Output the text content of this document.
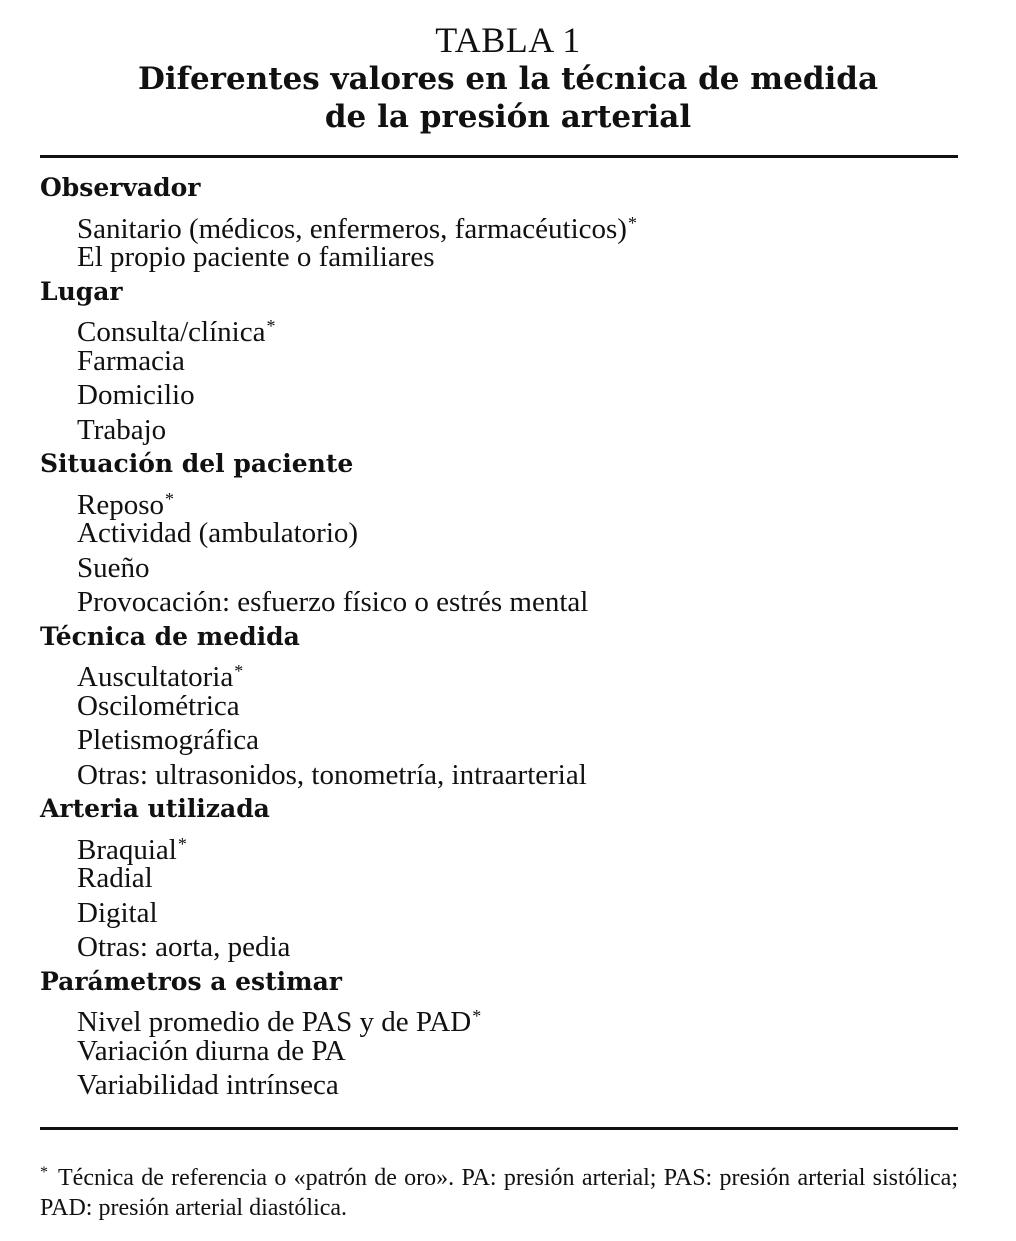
TABLA 1
Diferentes valores en la técnica de medida
de la presión arterial
Observador
Sanitario (médicos, enfermeros, farmacéuticos)*
El propio paciente o familiares
Lugar
Consulta/clínica*
Farmacia
Domicilio
Trabajo
Situación del paciente
Reposo*
Actividad (ambulatorio)
Sueño
Provocación: esfuerzo físico o estrés mental
Técnica de medida
Auscultatoria*
Oscilométrica
Pletismográfica
Otras: ultrasonidos, tonometría, intraarterial
Arteria utilizada
Braquial*
Radial
Digital
Otras: aorta, pedia
Parámetros a estimar
Nivel promedio de PAS y de PAD*
Variación diurna de PA
Variabilidad intrínseca
* Técnica de referencia o «patrón de oro». PA: presión arterial; PAS: presión arterial sistólica; PAD: presión arterial diastólica.
